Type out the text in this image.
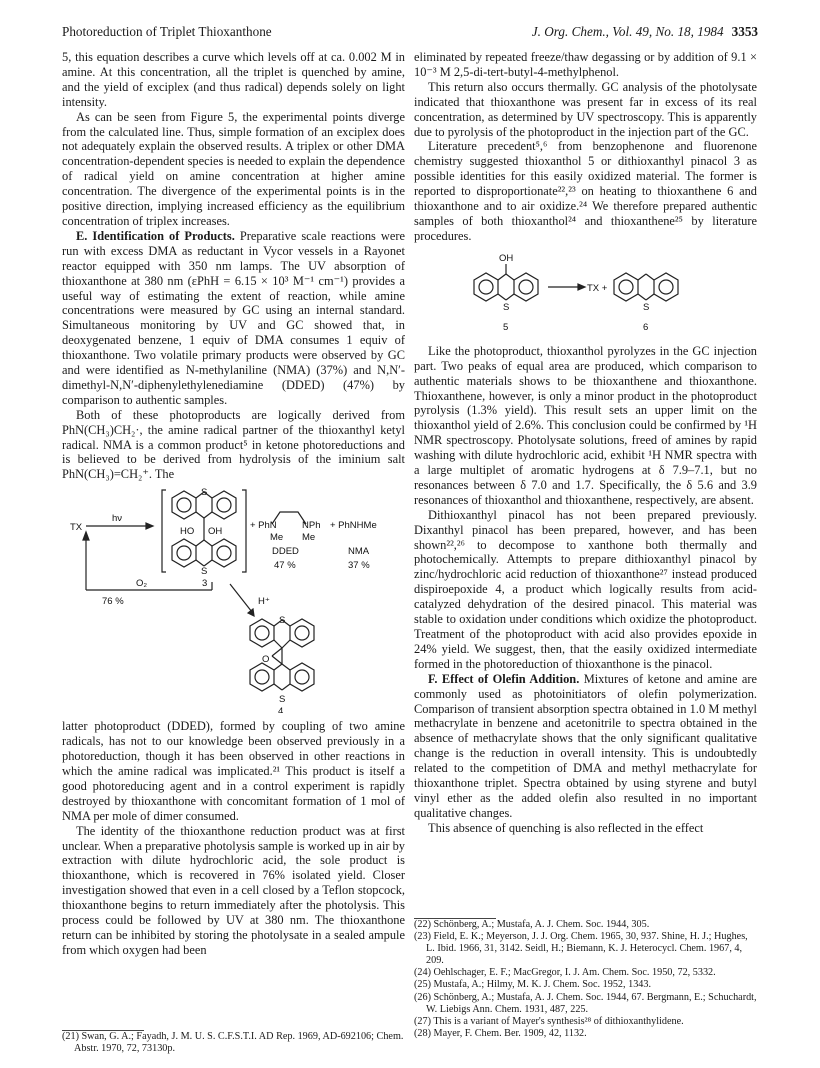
Photoreduction of Triplet Thioxanthone	J. Org. Chem., Vol. 49, No. 18, 1984 3353

5, this equation describes a curve which levels off at ca. 0.002 M in amine. At this concentration, all the triplet is quenched by amine, and the yield of exciplex (and thus radical) depends solely on light intensity.

As can be seen from Figure 5, the experimental points diverge from the calculated line. Thus, simple formation of an exciplex does not adequately explain the observed results. A triplex or other DMA concentration-dependent species is needed to explain the dependence of radical yield on amine concentration at higher amine concentration. The divergence of the experimental points is in the positive direction, implying increased efficiency as the equilibrium concentration of triplex increases.

E. Identification of Products. Preparative scale reactions were run with excess DMA as reductant in Vycor vessels in a Rayonet reactor equipped with 350 nm lamps. The UV absorption of thioxanthone at 380 nm (εPhH = 6.15 × 10³ M⁻¹ cm⁻¹) provides a useful way of estimating the extent of reaction, while amine concentrations were measured by GC using an internal standard. Simultaneous monitoring by UV and GC showed that, in deoxygenated benzene, 1 equiv of DMA consumes 1 equiv of thioxanthone. Two volatile primary products were observed by GC and were identified as N-methylaniline (NMA) (37%) and N,N′-dimethyl-N,N′-diphenylethylenediamine (DDED) (47%) by comparison to authentic samples.

Both of these photoproducts are logically derived from PhN(CH₃)CH₂·, the amine radical partner of the thioxanthyl ketyl radical. NMA is a common product⁵ in ketone photoreductions and is believed to be derived from hydrolysis of the iminium salt PhN(CH₃)=CH₂⁺. The

TX
hν
S
HO OH
S
+ PhN	NPh
Me Me
+ PhNHMe
DDED
47 %
NMA
37 %
O₂
76 %
3
H⁺
S
O
S
4

latter photoproduct (DDED), formed by coupling of two amine radicals, has not to our knowledge been observed previously in a photoreduction, though it has been observed in other reactions in which the amine radical was implicated.²¹ This product is itself a good photoreducing agent and in a control experiment is rapidly destroyed by thioxanthone with concomitant formation of 1 mol of NMA per mole of dimer consumed.

The identity of the thioxanthone reduction product was at first unclear. When a preparative photolysis sample is worked up in air by extraction with dilute hydrochloric acid, the sole product is thioxanthone, which is recovered in 76% isolated yield. Closer investigation showed that even in a cell closed by a Teflon stopcock, thioxanthone begins to return immediately after the photolysis. This process could be followed by UV at 380 nm. The thioxanthone return can be inhibited by storing the photolysate in a sealed ampule from which oxygen had been

eliminated by repeated freeze/thaw degassing or by addition of 9.1 × 10⁻³ M 2,5-di-tert-butyl-4-methylphenol.

This return also occurs thermally. GC analysis of the photolysate indicated that thioxanthone was present far in excess of its real concentration, as determined by UV spectroscopy. This is apparently due to pyrolysis of the photoproduct in the injection part of the GC.

Literature precedent⁵,⁶ from benzophenone and fluorenone chemistry suggested thioxanthol 5 or dithioxanthyl pinacol 3 as possible identities for this easily oxidized material. The former is reported to disproportionate²²,²³ on heating to thioxanthene 6 and thioxanthone and to air oxidize.²⁴ We therefore prepared authentic samples of both thioxanthol²⁴ and thioxanthene²⁵ by literature procedures.

OH
S
TX +
S
5	6

Like the photoproduct, thioxanthol pyrolyzes in the GC injection part. Two peaks of equal area are produced, which comparison to authentic materials shows to be thioxanthene and thioxanthone. Thioxanthene, however, is only a minor product in the photoproduct pyrolysis (1.3% yield). This result sets an upper limit on the thioxanthol yield of 2.6%. This conclusion could be confirmed by ¹H NMR spectroscopy. Photolysate solutions, freed of amines by rapid washing with dilute hydrochloric acid, exhibit ¹H NMR spectra with a large multiplet of aromatic hydrogens at δ 7.9–7.1, but no resonances between δ 7.0 and 1.7. Specifically, the δ 5.6 and 3.9 resonances of thioxanthol and thioxanthene, respectively, are absent.

Dithioxanthyl pinacol has not been prepared previously. Dixanthyl pinacol has been prepared, however, and has been shown²²,²⁶ to decompose to xanthone both thermally and photochemically. Attempts to prepare dithioxanthyl pinacol by zinc/hydrochloric acid reduction of thioxanthone²⁷ instead produced dispiroepoxide 4, a product which logically results from acid-catalyzed dehydration of the desired pinacol. This material was stable to oxidation under conditions which oxidize the photoproduct. Treatment of the photoproduct with acid also provides epoxide in 24% yield. We suggest, then, that the easily oxidized intermediate formed in the photoreduction of thioxanthone is the pinacol.

F. Effect of Olefin Addition. Mixtures of ketone and amine are commonly used as photoinitiators of olefin polymerization. Comparison of transient absorption spectra obtained in 1.0 M methyl methacrylate in benzene and acetonitrile to spectra obtained in the absence of methacrylate shows that the only significant qualitative change is the reduction in overall intensity. This is undoubtedly related to the competition of DMA and methyl methacrylate for thioxanthone triplet. Spectra obtained by using styrene and butyl vinyl ether as the added olefin also resulted in no important qualitative changes.

This absence of quenching is also reflected in the effect

(21) Swan, G. A.; Fayadh, J. M. U. S. C.F.S.T.I. AD Rep. 1969, AD-692106; Chem. Abstr. 1970, 72, 73130p.
(22) Schönberg, A.; Mustafa, A. J. Chem. Soc. 1944, 305.
(23) Field, E. K.; Meyerson, J. J. Org. Chem. 1965, 30, 937. Shine, H. J.; Hughes, L. Ibid. 1966, 31, 3142. Seidl, H.; Biemann, K. J. Heterocycl. Chem. 1967, 4, 209.
(24) Oehlschager, E. F.; MacGregor, I. J. Am. Chem. Soc. 1950, 72, 5332.
(25) Mustafa, A.; Hilmy, M. K. J. Chem. Soc. 1952, 1343.
(26) Schönberg, A.; Mustafa, A. J. Chem. Soc. 1944, 67. Bergmann, E.; Schuchardt, W. Liebigs Ann. Chem. 1931, 487, 225.
(27) This is a variant of Mayer's synthesis²⁸ of dithioxanthylidene.
(28) Mayer, F. Chem. Ber. 1909, 42, 1132.
